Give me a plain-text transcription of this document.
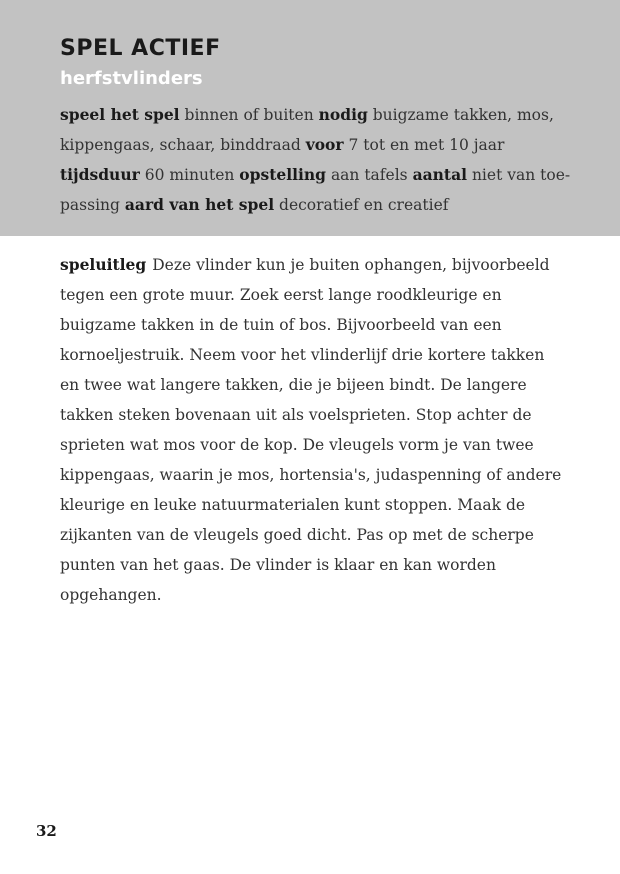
SPEL ACTIEF
herfstvlinders
speel het spel binnen of buiten nodig buigzame takken, mos,
kippengaas, schaar, binddraad voor 7 tot en met 10 jaar
tijdsduur 60 minuten opstelling aan tafels aantal niet van toe-
passing aard van het spel decoratief en creatief
speluitleg Deze vlinder kun je buiten ophangen, bijvoorbeeld
tegen een grote muur. Zoek eerst lange roodkleurige en
buigzame takken in de tuin of bos. Bijvoorbeeld van een
kornoeljestruik. Neem voor het vlinderlijf drie kortere takken
en twee wat langere takken, die je bijeen bindt. De langere
takken steken bovenaan uit als voelsprieten. Stop achter de
sprieten wat mos voor de kop. De vleugels vorm je van twee
kippengaas, waarin je mos, hortensia's, judaspenning of andere
kleurige en leuke natuurmaterialen kunt stoppen. Maak de
zijkanten van de vleugels goed dicht. Pas op met de scherpe
punten van het gaas. De vlinder is klaar en kan worden
opgehangen.
32
